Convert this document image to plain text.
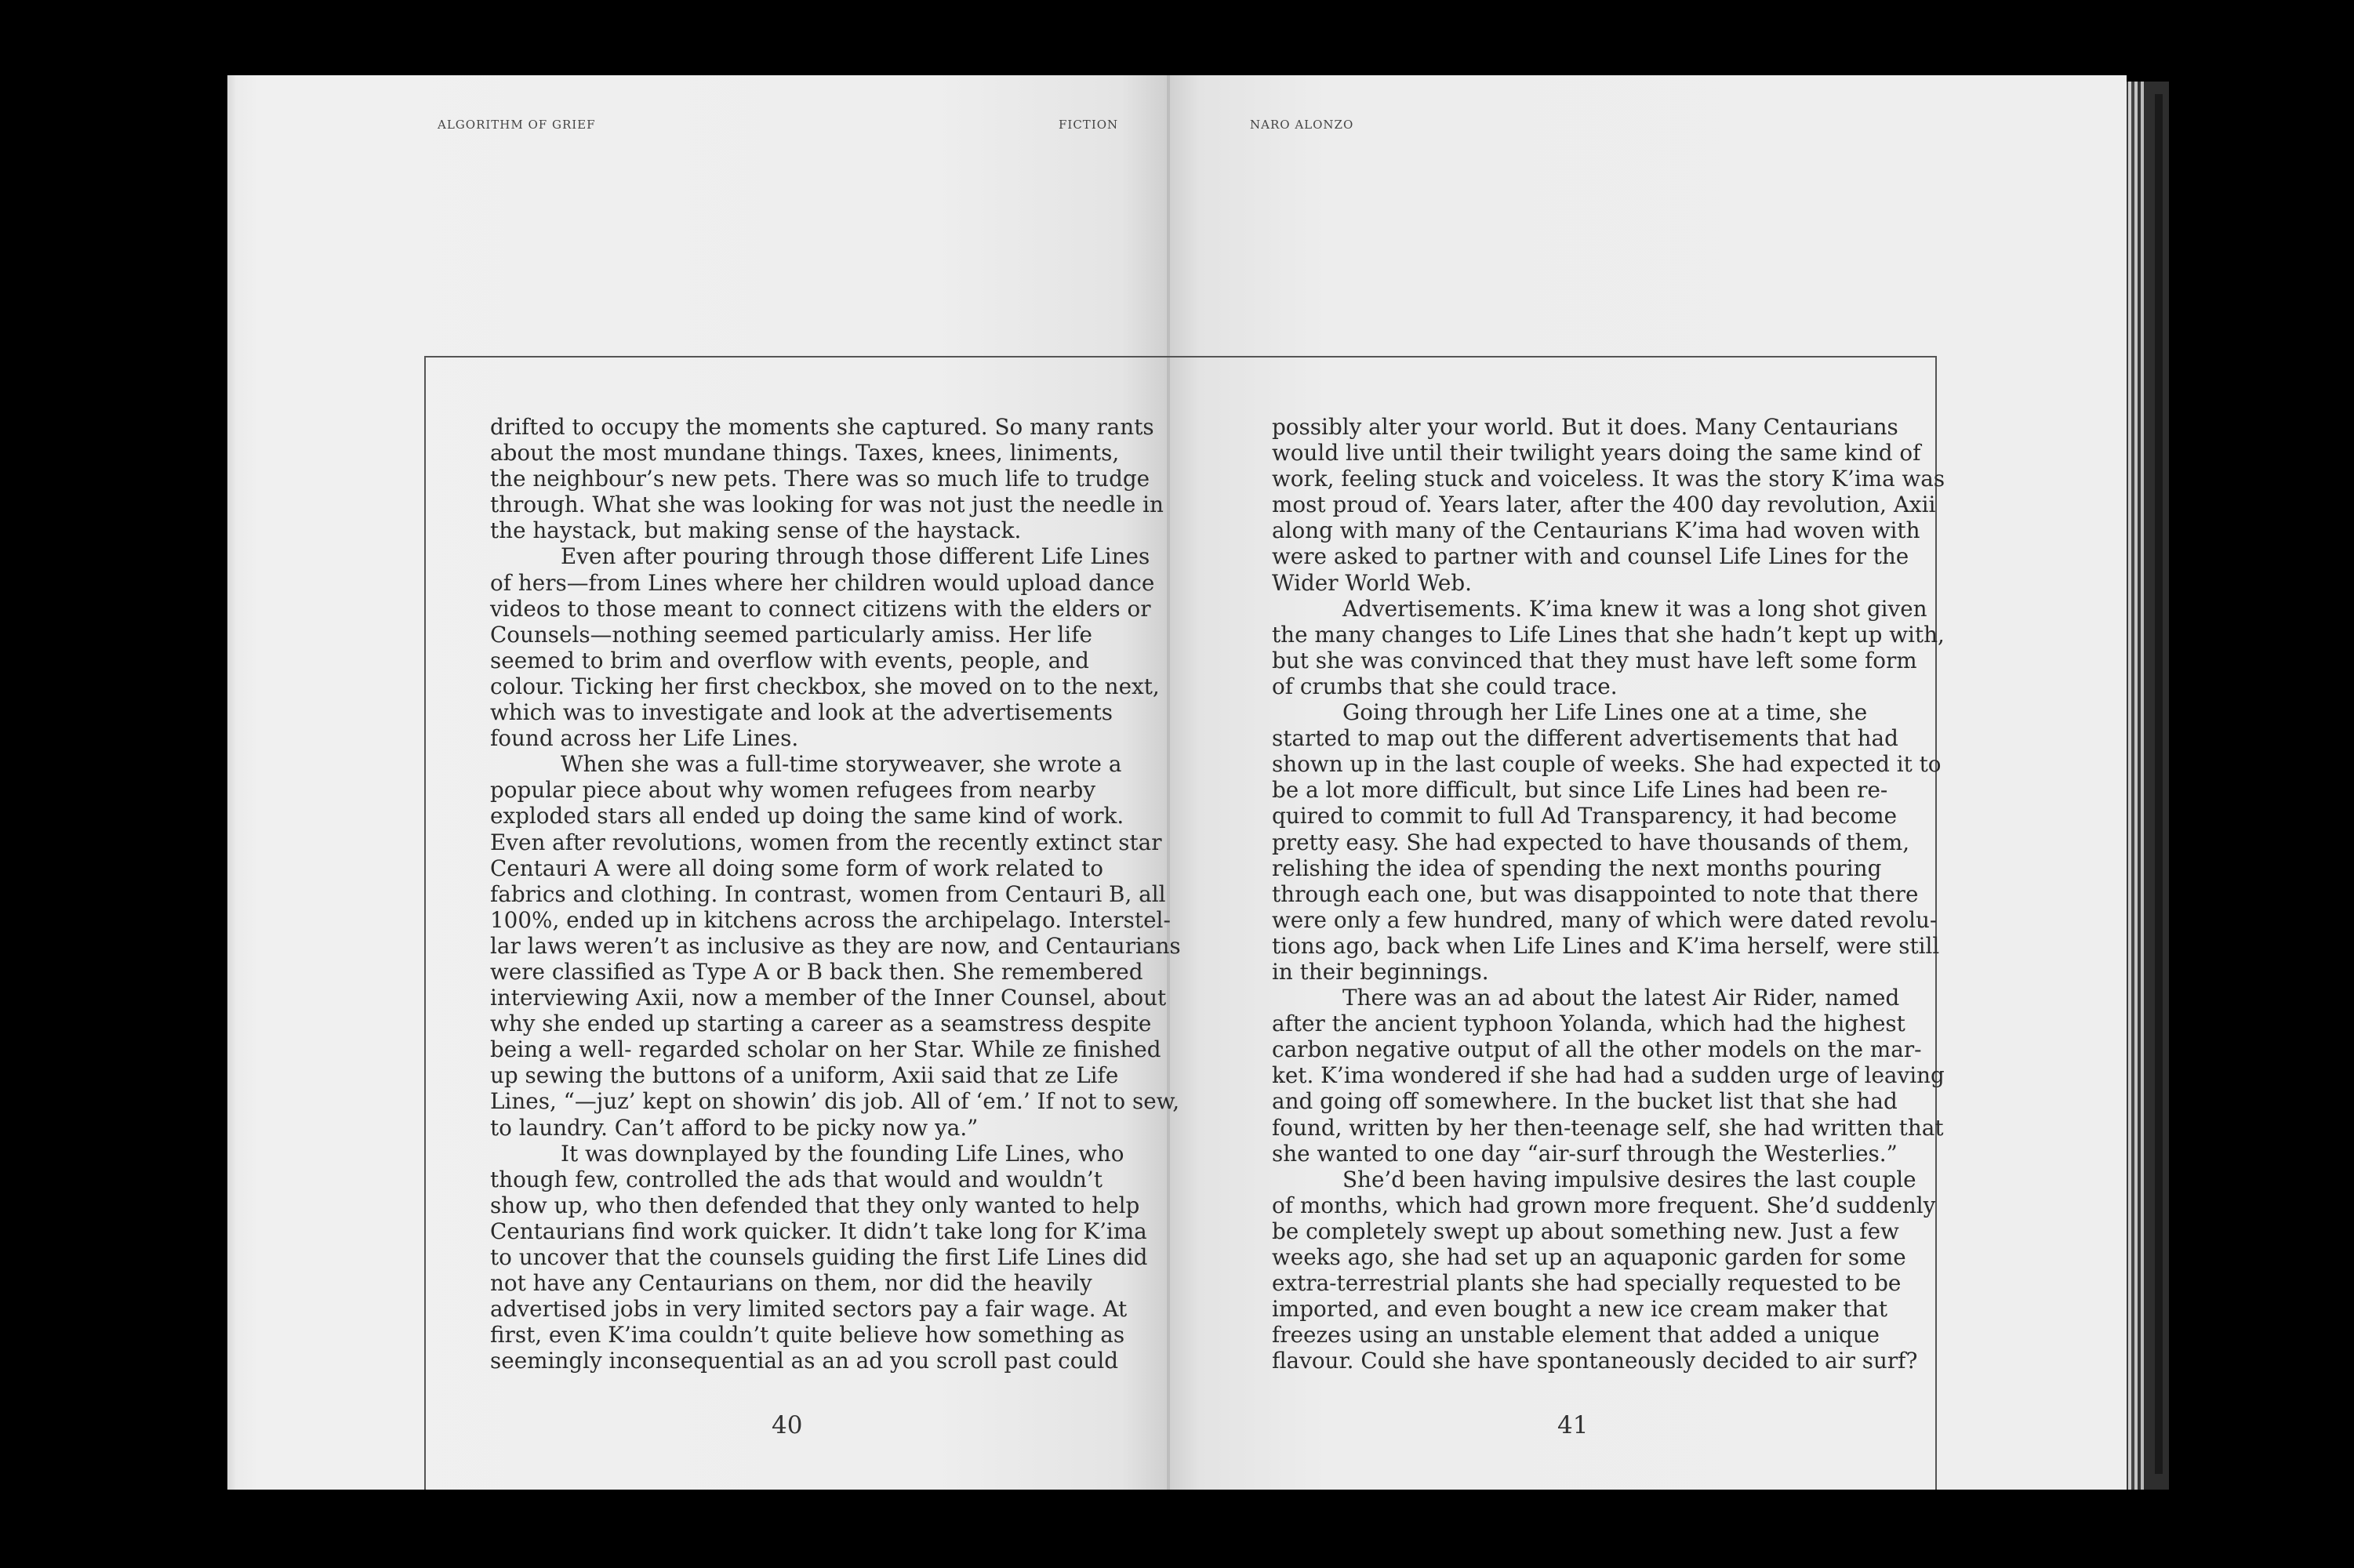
ALGORITHM OF GRIEF	FICTION	NARO ALONZO
drifted to occupy the moments she captured. So many rants
about the most mundane things. Taxes, knees, liniments,
the neighbour’s new pets. There was so much life to trudge
through. What she was looking for was not just the needle in
the haystack, but making sense of the haystack.
Even after pouring through those different Life Lines
of hers—from Lines where her children would upload dance
videos to those meant to connect citizens with the elders or
Counsels—nothing seemed particularly amiss. Her life
seemed to brim and overflow with events, people, and
colour. Ticking her first checkbox, she moved on to the next,
which was to investigate and look at the advertisements
found across her Life Lines.
When she was a full-time storyweaver, she wrote a
popular piece about why women refugees from nearby
exploded stars all ended up doing the same kind of work.
Even after revolutions, women from the recently extinct star
Centauri A were all doing some form of work related to
fabrics and clothing. In contrast, women from Centauri B, all
100%, ended up in kitchens across the archipelago. Interstel-
lar laws weren’t as inclusive as they are now, and Centaurians
were classified as Type A or B back then. She remembered
interviewing Axii, now a member of the Inner Counsel, about
why she ended up starting a career as a seamstress despite
being a well- regarded scholar on her Star. While ze finished
up sewing the buttons of a uniform, Axii said that ze Life
Lines, “—juz’ kept on showin’ dis job. All of ‘em.’ If not to sew,
to laundry. Can’t afford to be picky now ya.”
It was downplayed by the founding Life Lines, who
though few, controlled the ads that would and wouldn’t
show up, who then defended that they only wanted to help
Centaurians find work quicker. It didn’t take long for K’ima
to uncover that the counsels guiding the first Life Lines did
not have any Centaurians on them, nor did the heavily
advertised jobs in very limited sectors pay a fair wage. At
first, even K’ima couldn’t quite believe how something as
seemingly inconsequential as an ad you scroll past could
possibly alter your world. But it does. Many Centaurians
would live until their twilight years doing the same kind of
work, feeling stuck and voiceless. It was the story K’ima was
most proud of. Years later, after the 400 day revolution, Axii
along with many of the Centaurians K’ima had woven with
were asked to partner with and counsel Life Lines for the
Wider World Web.
Advertisements. K’ima knew it was a long shot given
the many changes to Life Lines that she hadn’t kept up with,
but she was convinced that they must have left some form
of crumbs that she could trace.
Going through her Life Lines one at a time, she
started to map out the different advertisements that had
shown up in the last couple of weeks. She had expected it to
be a lot more difficult, but since Life Lines had been re-
quired to commit to full Ad Transparency, it had become
pretty easy. She had expected to have thousands of them,
relishing the idea of spending the next months pouring
through each one, but was disappointed to note that there
were only a few hundred, many of which were dated revolu-
tions ago, back when Life Lines and K’ima herself, were still
in their beginnings.
There was an ad about the latest Air Rider, named
after the ancient typhoon Yolanda, which had the highest
carbon negative output of all the other models on the mar-
ket. K’ima wondered if she had had a sudden urge of leaving
and going off somewhere. In the bucket list that she had
found, written by her then-teenage self, she had written that
she wanted to one day “air-surf through the Westerlies.”
She’d been having impulsive desires the last couple
of months, which had grown more frequent. She’d suddenly
be completely swept up about something new. Just a few
weeks ago, she had set up an aquaponic garden for some
extra-terrestrial plants she had specially requested to be
imported, and even bought a new ice cream maker that
freezes using an unstable element that added a unique
flavour. Could she have spontaneously decided to air surf?
40	41
